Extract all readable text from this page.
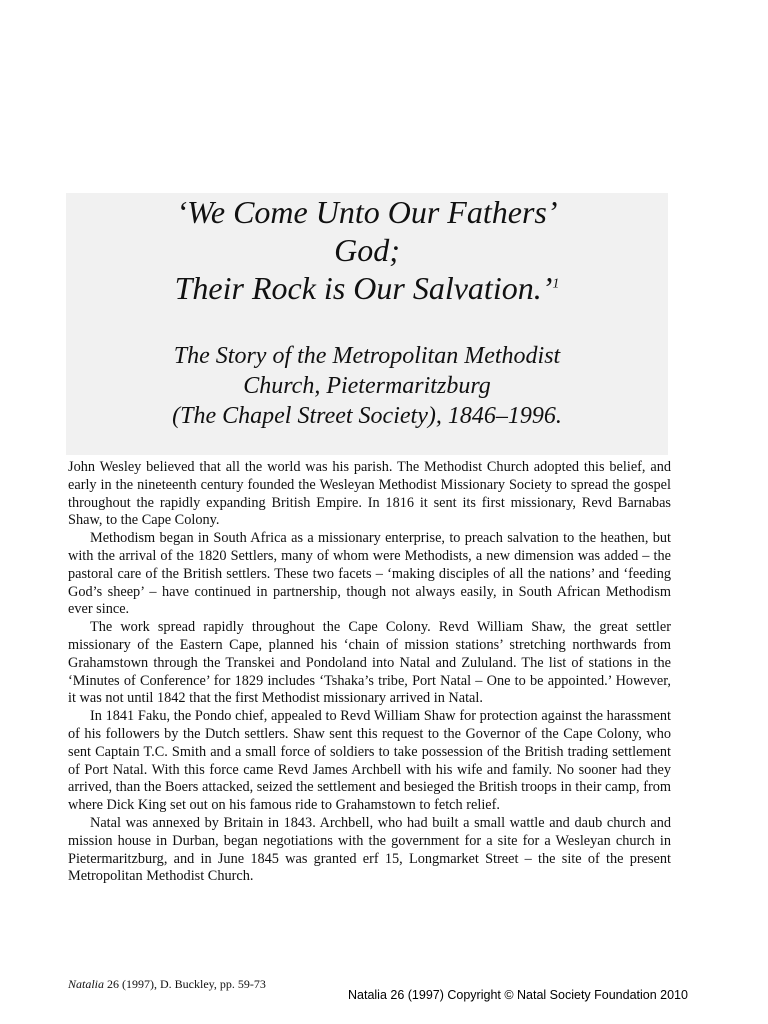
‘We Come Unto Our Fathers’
God;
Their Rock is Our Salvation.’$^1$
The Story of the Metropolitan Methodist
Church, Pietermaritzburg
(The Chapel Street Society), 1846–1996.

John Wesley believed that all the world was his parish. The Methodist Church adopted this belief, and early in the nineteenth century founded the Wesleyan Methodist Missionary Society to spread the gospel throughout the rapidly expanding British Empire. In 1816 it sent its first missionary, Revd Barnabas Shaw, to the Cape Colony.

Methodism began in South Africa as a missionary enterprise, to preach salvation to the heathen, but with the arrival of the 1820 Settlers, many of whom were Methodists, a new dimension was added – the pastoral care of the British settlers. These two facets – ‘making disciples of all the nations’ and ‘feeding God’s sheep’ – have continued in partnership, though not always easily, in South African Methodism ever since.

The work spread rapidly throughout the Cape Colony. Revd William Shaw, the great settler missionary of the Eastern Cape, planned his ‘chain of mission stations’ stretching northwards from Grahamstown through the Transkei and Pondoland into Natal and Zululand. The list of stations in the ‘Minutes of Conference’ for 1829 includes ‘Tshaka’s tribe, Port Natal – One to be appointed.’ However, it was not until 1842 that the first Methodist missionary arrived in Natal.

In 1841 Faku, the Pondo chief, appealed to Revd William Shaw for protection against the harassment of his followers by the Dutch settlers. Shaw sent this request to the Governor of the Cape Colony, who sent Captain T.C. Smith and a small force of soldiers to take possession of the British trading settlement of Port Natal. With this force came Revd James Archbell with his wife and family. No sooner had they arrived, than the Boers attacked, seized the settlement and besieged the British troops in their camp, from where Dick King set out on his famous ride to Grahamstown to fetch relief.

Natal was annexed by Britain in 1843. Archbell, who had built a small wattle and daub church and mission house in Durban, began negotiations with the government for a site for a Wesleyan church in Pietermaritzburg, and in June 1845 was granted erf 15, Longmarket Street – the site of the present Metropolitan Methodist Church.

Natalia 26 (1997), D. Buckley, pp. 59-73
Natalia 26 (1997) Copyright © Natal Society Foundation 2010
